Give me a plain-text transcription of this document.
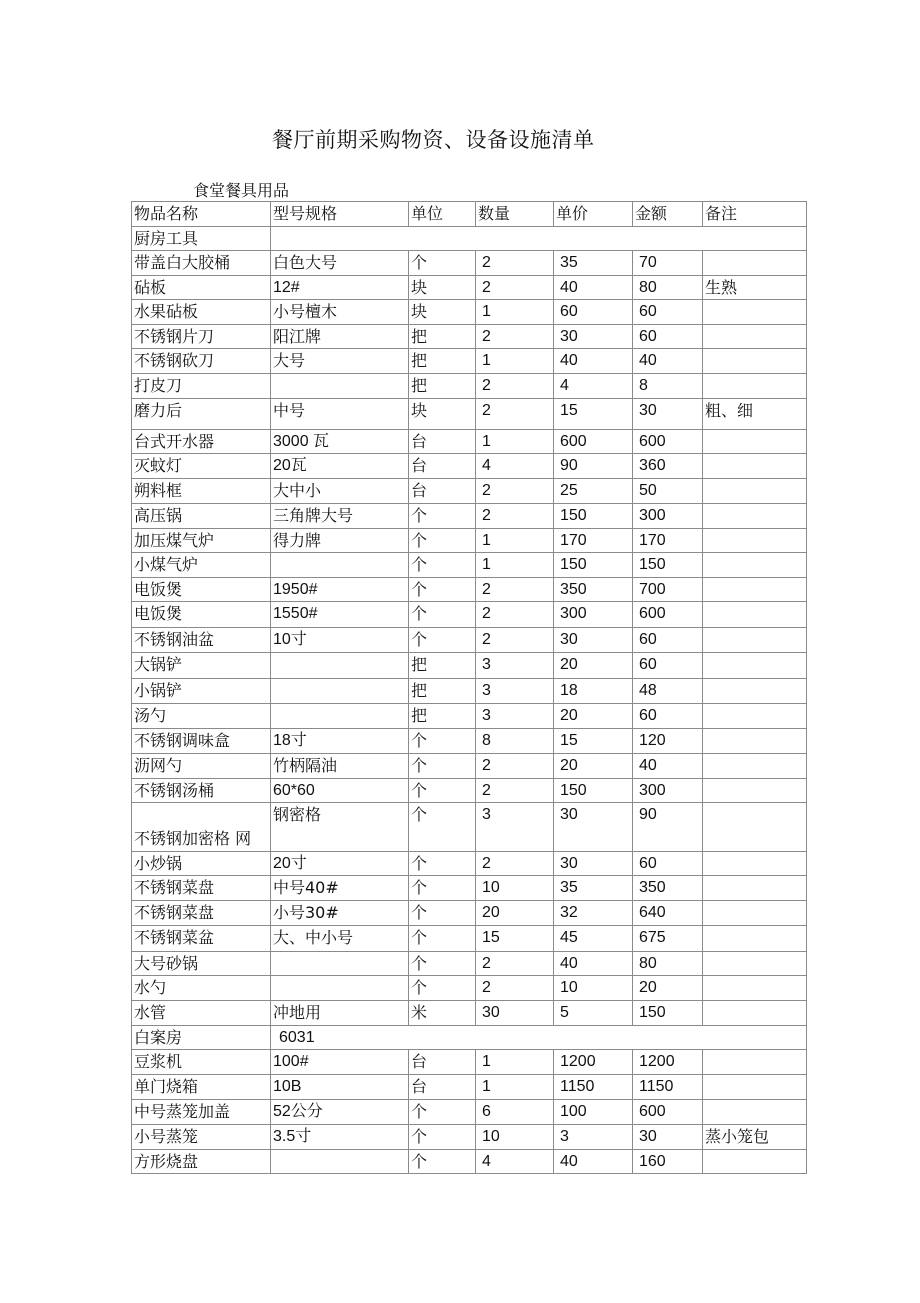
餐厅前期采购物资、设备设施清单
食堂餐具用品
物品名称	型号规格	单位	数量	单价	金额	备注
厨房工具						
带盖白大胶桶	白色大号	个	2	35	70	
砧板	12#	块	2	40	80	生熟
水果砧板	小号檀木	块	1	60	60	
不锈钢片刀	阳江牌	把	2	30	60	
不锈钢砍刀	大号	把	1	40	40	
打皮刀		把	2	4	8	
磨力后	中号	块	2	15	30	粗、细
台式开水器	3000 瓦	台	1	600	600	
灭蚊灯	20瓦	台	4	90	360	
朔料框	大中小	台	2	25	50	
高压锅	三角牌大号	个	2	150	300	
加压煤气炉	得力牌	个	1	170	170	
小煤气炉		个	1	150	150	
电饭煲	1950#	个	2	350	700	
电饭煲	1550#	个	2	300	600	
不锈钢油盆	10寸	个	2	30	60	
大锅铲		把	3	20	60	
小锅铲		把	3	18	48	
汤勺		把	3	20	60	
不锈钢调味盒	18寸	个	8	15	120	
沥网勺	竹柄隔油	个	2	20	40	
不锈钢汤桶	60*60	个	2	150	300	
不锈钢加密格 网	钢密格	个	3	30	90	
小炒锅	20寸	个	2	30	60	
不锈钢菜盘	中号40#	个	10	35	350	
不锈钢菜盘	小号30#	个	20	32	640	
不锈钢菜盆	大、中小号	个	15	45	675	
大号砂锅		个	2	40	80	
水勺		个	2	10	20	
水管	冲地用	米	30	5	150	
白案房	6031					
豆浆机	100#	台	1	1200	1200	
单门烧箱	10B	台	1	1150	1150	
中号蒸笼加盖	52公分	个	6	100	600	
小号蒸笼	3.5寸	个	10	3	30	蒸小笼包
方形烧盘		个	4	40	160	
